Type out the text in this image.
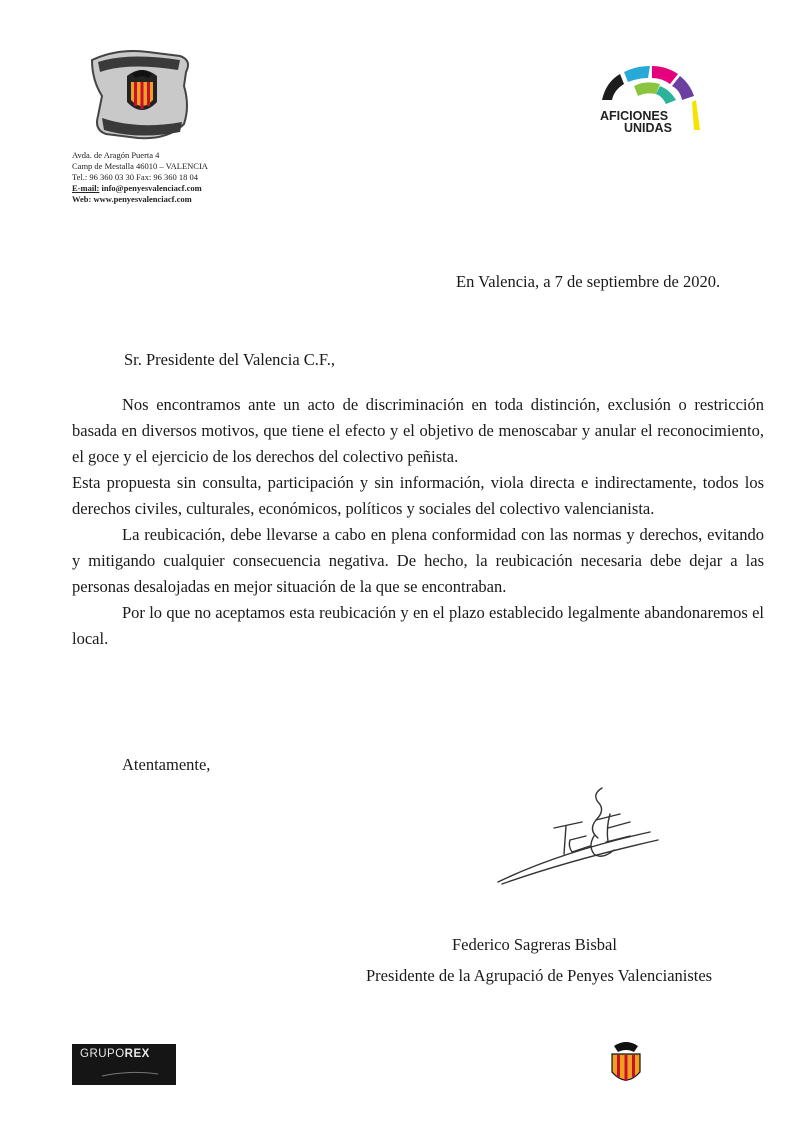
Avda. de Aragón Puerta 4
Camp de Mestalla 46010 – VALENCIA
Tel.: 96 360 03 30 Fax: 96 360 18 04
E-mail: info@penyesvalenciacf.com
Web: www.penyesvalenciacf.com
AFICIONES
UNIDAS
En Valencia, a 7 de septiembre de 2020.
Sr. Presidente del Valencia C.F.,

Nos encontramos ante un acto de discriminación en toda distinción, exclusión o restricción basada en diversos motivos, que tiene el efecto y el objetivo de menoscabar y anular el reconocimiento, el goce y el ejercicio de los derechos del colectivo peñista.

Esta propuesta sin consulta, participación y sin información, viola directa e indirectamente, todos los derechos civiles, culturales, económicos, políticos y sociales del colectivo valencianista.

La reubicación, debe llevarse a cabo en plena conformidad con las normas y derechos, evitando y mitigando cualquier consecuencia negativa. De hecho, la reubicación necesaria debe dejar a las personas desalojadas en mejor situación de la que se encontraban.

Por lo que no aceptamos esta reubicación y en el plazo establecido legalmente abandonaremos el local.

Atentamente,
Federico Sagreras Bisbal
Presidente de la Agrupació de Penyes Valencianistes
GRUPOREX
